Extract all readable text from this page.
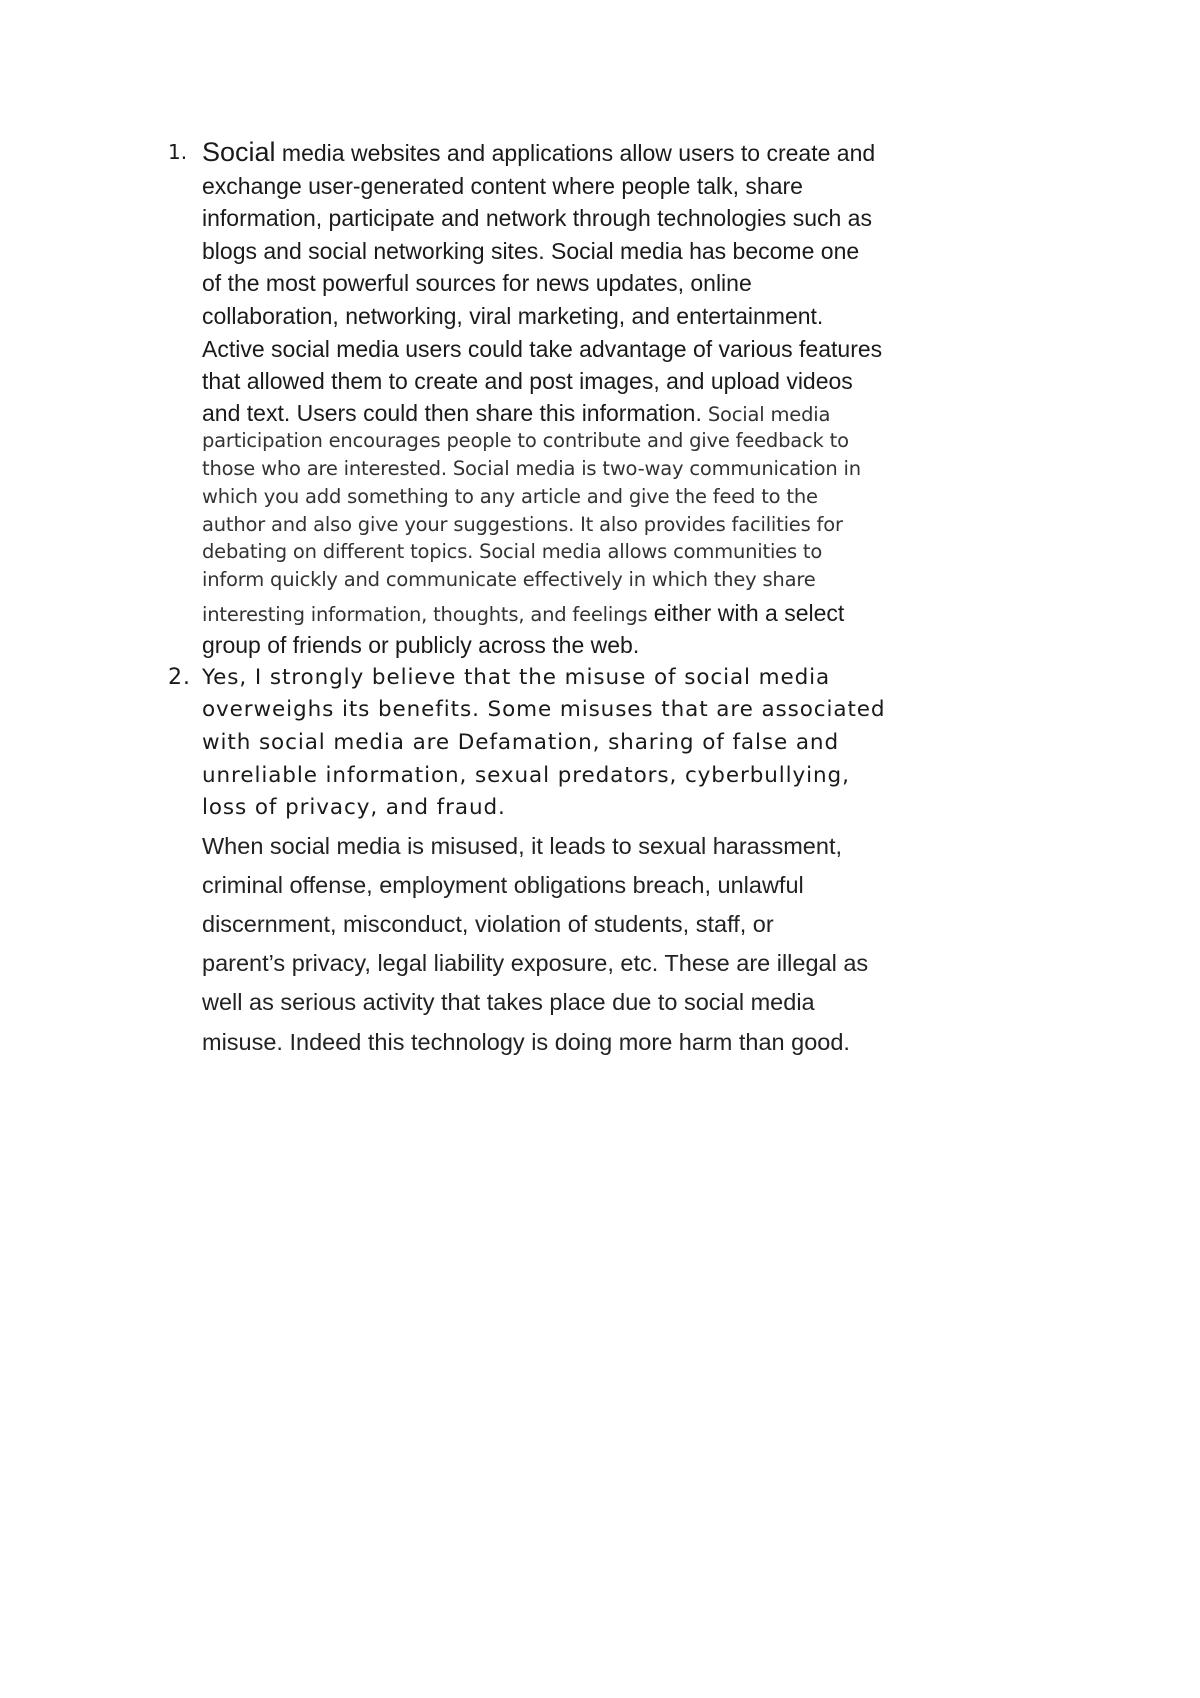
1. Social media websites and applications allow users to create and
exchange user-generated content where people talk, share
information, participate and network through technologies such as
blogs and social networking sites. Social media has become one
of the most powerful sources for news updates, online
collaboration, networking, viral marketing, and entertainment.
Active social media users could take advantage of various features
that allowed them to create and post images, and upload videos
and text. Users could then share this information. Social media
participation encourages people to contribute and give feedback to
those who are interested. Social media is two-way communication in
which you add something to any article and give the feed to the
author and also give your suggestions. It also provides facilities for
debating on different topics. Social media allows communities to
inform quickly and communicate effectively in which they share
interesting information, thoughts, and feelings either with a select
group of friends or publicly across the web.
2. Yes, I strongly believe that the misuse of social media
overweighs its benefits. Some misuses that are associated
with social media are Defamation, sharing of false and
unreliable information, sexual predators, cyberbullying,
loss of privacy, and fraud.
When social media is misused, it leads to sexual harassment,
criminal offense, employment obligations breach, unlawful
discernment, misconduct, violation of students, staff, or
parent’s privacy, legal liability exposure, etc. These are illegal as
well as serious activity that takes place due to social media
misuse. Indeed this technology is doing more harm than good.
